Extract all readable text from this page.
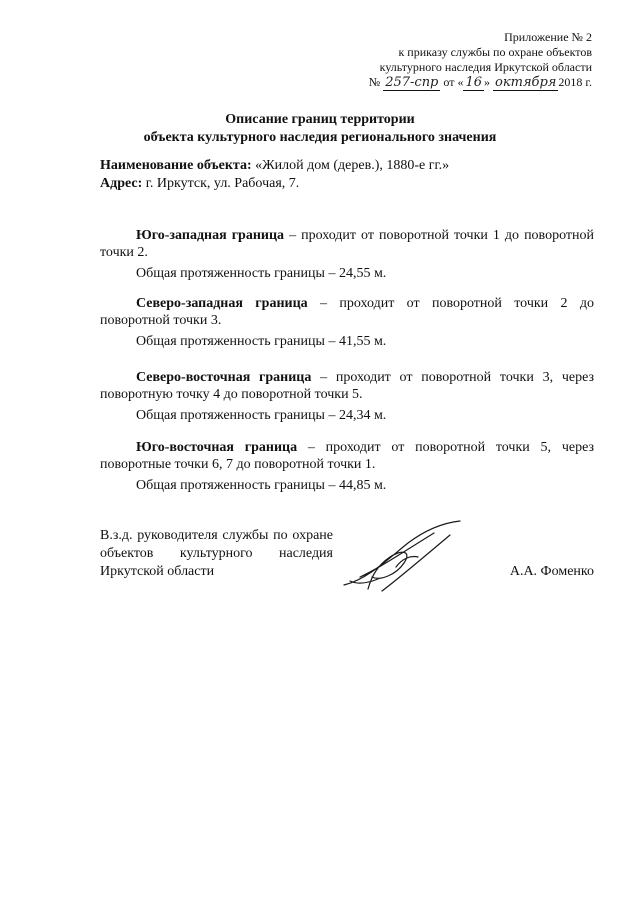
Приложение № 2
к приказу службы по охране объектов
культурного наследия Иркутской области
№ 257-спр от « 16 » октября 2018 г.
Описание границ территории
объекта культурного наследия регионального значения
Наименование объекта: «Жилой дом (дерев.), 1880-е гг.»
Адрес: г. Иркутск, ул. Рабочая, 7.

Юго-западная граница – проходит от поворотной точки 1 до поворотной точки 2.

Общая протяженность границы – 24,55 м.

Северо-западная граница – проходит от поворотной точки 2 до поворотной точки 3.

Общая протяженность границы – 41,55 м.

Северо-восточная граница – проходит от поворотной точки 3, через поворотную точку 4 до поворотной точки 5.

Общая протяженность границы – 24,34 м.

Юго-восточная граница – проходит от поворотной точки 5, через поворотные точки 6, 7 до поворотной точки 1.

Общая протяженность границы – 44,85 м.

В.з.д. руководителя службы по охране объектов культурного наследия Иркутской области	А.А. Фоменко
